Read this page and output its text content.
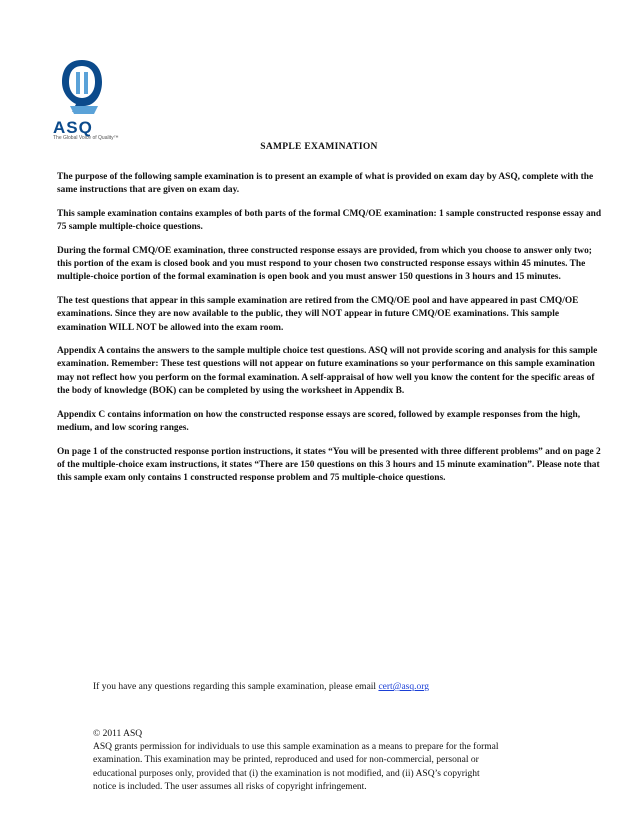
ASQ
The Global Voice of Quality™
SAMPLE EXAMINATION

The purpose of the following sample examination is to present an example of what is provided on exam day by ASQ, complete with the same instructions that are given on exam day.

This sample examination contains examples of both parts of the formal CMQ/OE examination: 1 sample constructed response essay and 75 sample multiple-choice questions.

During the formal CMQ/OE examination, three constructed response essays are provided, from which you choose to answer only two; this portion of the exam is closed book and you must respond to your chosen two constructed response essays within 45 minutes. The multiple-choice portion of the formal examination is open book and you must answer 150 questions in 3 hours and 15 minutes.

The test questions that appear in this sample examination are retired from the CMQ/OE pool and have appeared in past CMQ/OE examinations. Since they are now available to the public, they will NOT appear in future CMQ/OE examinations. This sample examination WILL NOT be allowed into the exam room.

Appendix A contains the answers to the sample multiple choice test questions. ASQ will not provide scoring and analysis for this sample examination. Remember: These test questions will not appear on future examinations so your performance on this sample examination may not reflect how you perform on the formal examination. A self-appraisal of how well you know the content for the specific areas of the body of knowledge (BOK) can be completed by using the worksheet in Appendix B.

Appendix C contains information on how the constructed response essays are scored, followed by example responses from the high, medium, and low scoring ranges.

On page 1 of the constructed response portion instructions, it states “You will be presented with three different problems” and on page 2 of the multiple-choice exam instructions, it states “There are 150 questions on this 3 hours and 15 minute examination”. Please note that this sample exam only contains 1 constructed response problem and 75 multiple-choice questions.

If you have any questions regarding this sample examination, please email cert@asq.org

© 2011 ASQ

ASQ grants permission for individuals to use this sample examination as a means to prepare for the formal

examination. This examination may be printed, reproduced and used for non-commercial, personal or

educational purposes only, provided that (i) the examination is not modified, and (ii) ASQ’s copyright

notice is included. The user assumes all risks of copyright infringement.
